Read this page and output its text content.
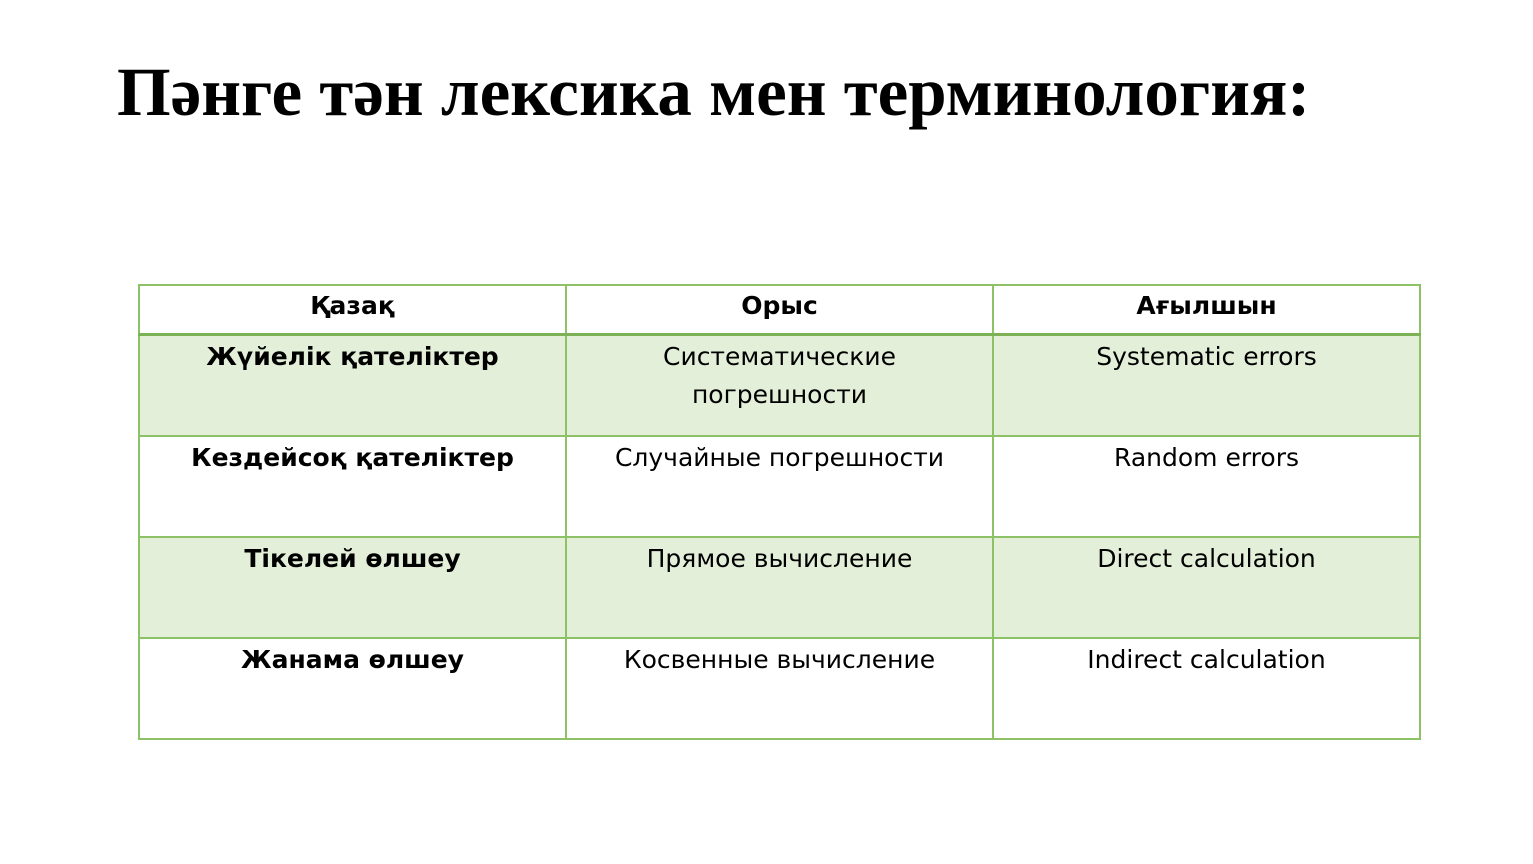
Пәнге тән лексика мен терминология:
Қазақ	Орыс	Ағылшын
Жүйелік қателіктер	Систематические погрешности	Systematic errors
Кездейсоқ қателіктер	Случайные погрешности	Random errors
Тікелей өлшеу	Прямое вычисление	Direct calculation
Жанама өлшеу	Косвенные вычисление	Indirect calculation
